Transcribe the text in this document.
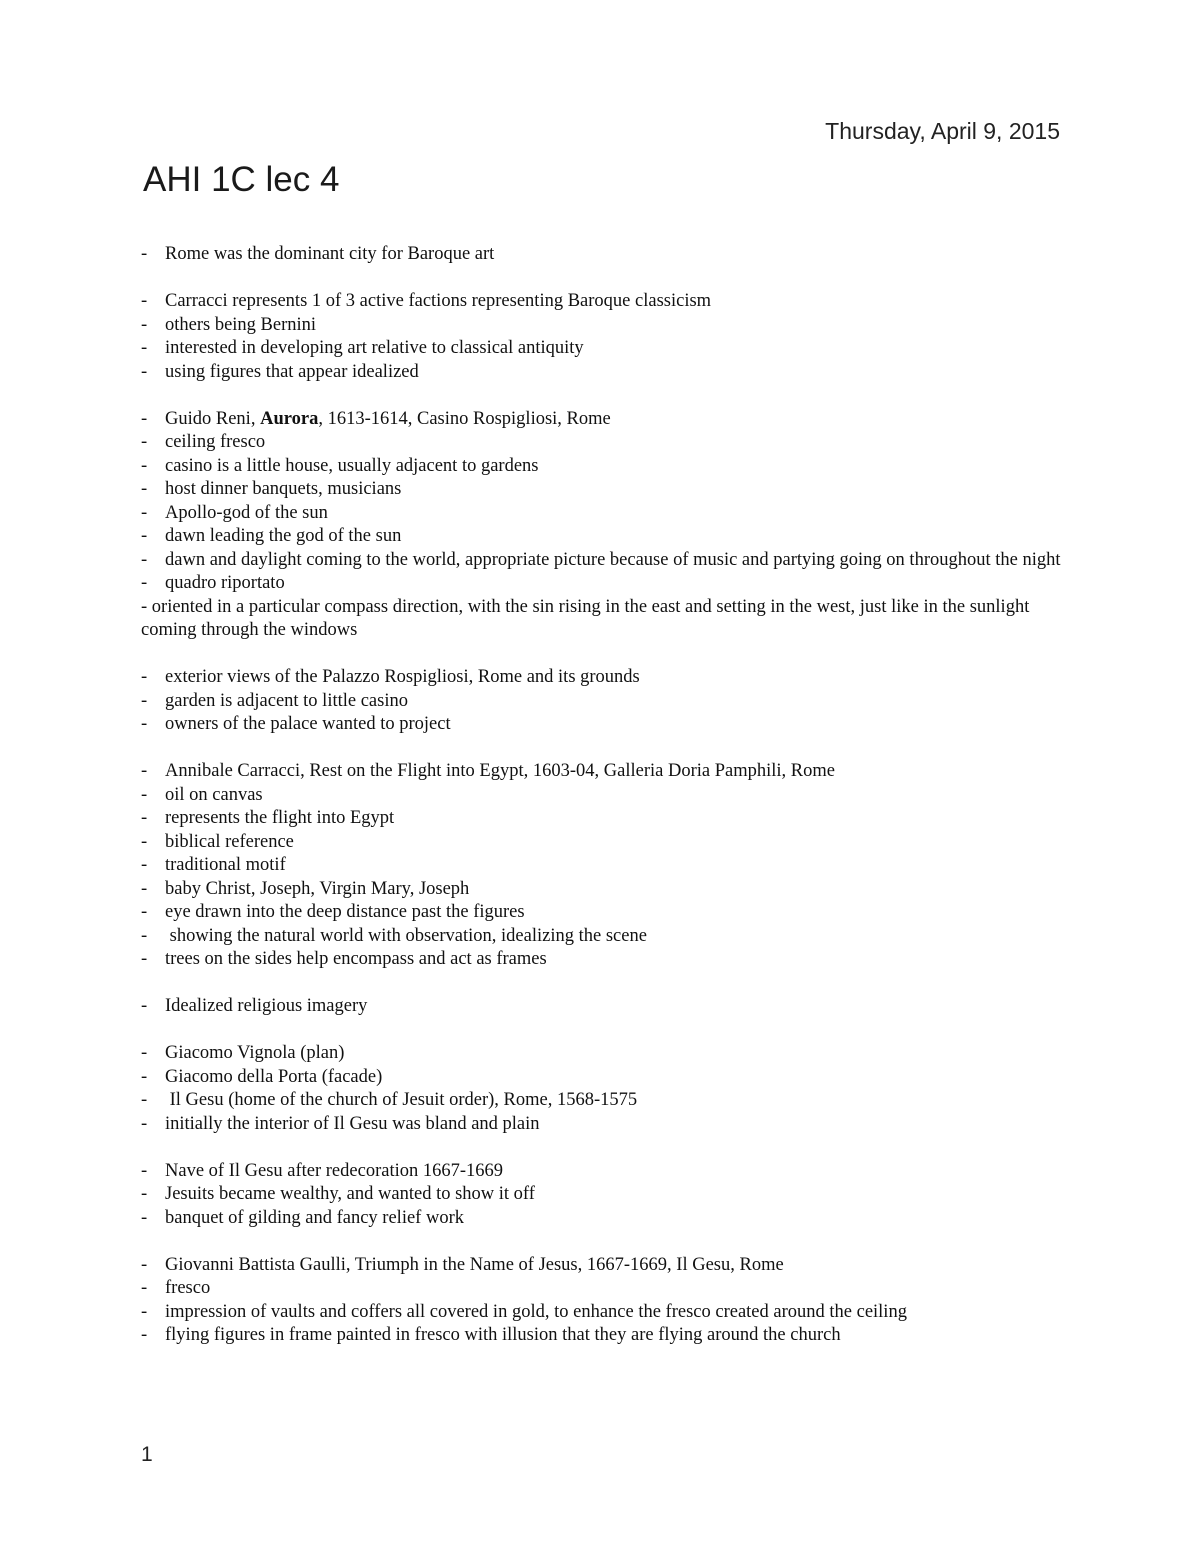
Thursday, April 9, 2015
AHI 1C lec 4
- Rome was the dominant city for Baroque art
- Carracci represents 1 of 3 active factions representing Baroque classicism
- others being Bernini
- interested in developing art relative to classical antiquity
- using figures that appear idealized
- Guido Reni, Aurora, 1613-1614, Casino Rospigliosi, Rome
- ceiling fresco
- casino is a little house, usually adjacent to gardens
- host dinner banquets, musicians
- Apollo-god of the sun
- dawn leading the god of the sun
- dawn and daylight coming to the world, appropriate picture because of music and partying going on throughout the night
- quadro riportato
- oriented in a particular compass direction, with the sin rising in the east and setting in the west, just like in the sunlight coming through the windows
- exterior views of the Palazzo Rospigliosi, Rome and its grounds
- garden is adjacent to little casino
- owners of the palace wanted to project
- Annibale Carracci, Rest on the Flight into Egypt, 1603-04, Galleria Doria Pamphili, Rome
- oil on canvas
- represents the flight into Egypt
- biblical reference
- traditional motif
- baby Christ, Joseph, Virgin Mary, Joseph
- eye drawn into the deep distance past the figures
- showing the natural world with observation, idealizing the scene
- trees on the sides help encompass and act as frames
- Idealized religious imagery
- Giacomo Vignola (plan)
- Giacomo della Porta (facade)
- Il Gesu (home of the church of Jesuit order), Rome, 1568-1575
- initially the interior of Il Gesu was bland and plain
- Nave of Il Gesu after redecoration 1667-1669
- Jesuits became wealthy, and wanted to show it off
- banquet of gilding and fancy relief work
- Giovanni Battista Gaulli, Triumph in the Name of Jesus, 1667-1669, Il Gesu, Rome
- fresco
- impression of vaults and coffers all covered in gold, to enhance the fresco created around the ceiling
- flying figures in frame painted in fresco with illusion that they are flying around the church
1
